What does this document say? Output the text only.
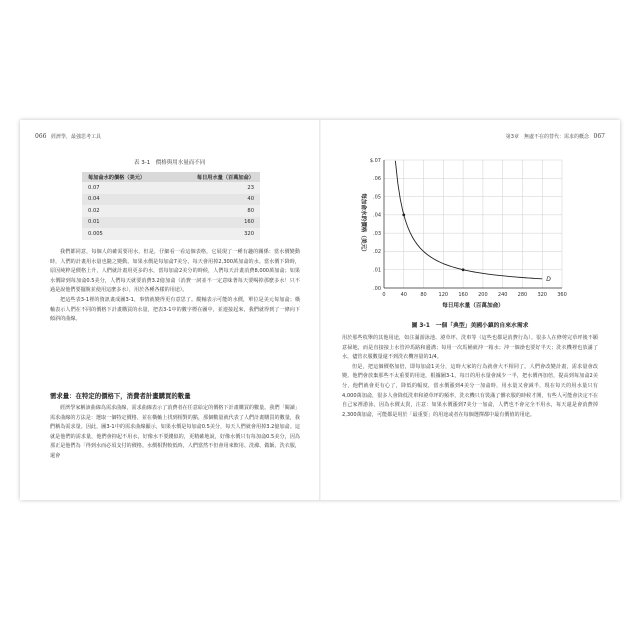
066 經濟學，最強思考工具
表 3-1　價格與用水量而不同
每加侖水的價格（美元）	每日用水量（百萬加侖）
0.07	23
0.04	40
0.02	80
0.01	160
0.005	320

我們都同意，每個人的確需要用水，但是，仔細看一看這個表格，它展現了一種有趣的關係：當水價變動時，人們的計畫用水量也隨之變動。如果水價是每加侖7美分，每天會用掉2,300萬加侖的水。當水價下降時，原因純粹是價格上升，人們就計畫用更多的水，當每加侖2美分的時候，人們每天計畫消費8,000萬加侖；如果水價降到每加侖0.5美分，人們每天就要消費3.2億加侖（消費一詞並不一定意味著每天要喝掉那麼多水！只不過是說他們要擺脫並使用這麼多水），用於各種各樣的用途）。

把這些表3-1裡的資訊畫成圖3-1，事情就變得更有意思了。縱軸表示可能的水價，單位是美元每加侖；橫軸表示人們在不同的價格下計畫購買的水量，把表3-1中的數字標在圖中，並連接起來，我們就得到了一條向下傾斜的曲線。

需求量：在特定的價格下，消費者計畫購買的數量

經濟學家稱該曲線為需求曲線，需求曲線表示了消費者在任意給定的價格下計畫購買的數量。我們「閱讀」需求曲線的方法是：選取一個特定價格，並在橫軸上找到相對的點，那個數量就代表了人們計畫購買的數量，我們稱為需求量。因此，圖3-1中的需求曲線顯示，如果水價是每加侖0.5美分，每天人們就會用掉3.2億加侖。這就是他們的需求量，他們會抑起不用水，好像水不要錢似的，更精確地說，好像水價只有每加侖0.5美分，因為那正是他們為「得到水而必須支付的價格。水價相對較低時，人們當然不但會用來飲用、洗滌、做飯、洗衣服，還會

第3章　無處不在的替代：需求的概念 067
$.07
.06
.05
.04
.03
.02
.01
.00
0	40	80 120 160 200 240 280 320 360
每日用水量（百萬加侖）
每加侖水的價格（美元）
D
圖 3-1　一個「典型」美國小鎮的自來水需求

用於那些枚舉的其他用途，如注滿游泳池、澆草坪、洗車等（這些也都是消費行為）。很多人在修剪完草坪後不願意掃地，而是直接接上水管沖馬路和邊溝；每用一次馬桶就沖一箱水；沖一個澡也要好半天；洗衣機裡也放滿了水，儘管衣服數量還不到洗衣機容量的1/4。

但是，把這個價格加倍，即每加侖1美分，這時大家的行為就會大不相同了。人們會改變計畫，需求量會改變。他們會放棄那些不太重要的用途，根據圖3-1，每日的用水量會減少一半，把水價再加倍，提高到每加侖2美分，他們就會更有心了，降低的幅度，當水價漲到4美分一加侖時，用水量又會減半，現在每天的用水量只有4,000萬加侖，很多人會降低洗車和澆草坪的頻率，洗衣機只有裝滿了髒衣服的時候才開，有些人可能會決定不在自己家裡游泳，因為水價太貴，注意：如果水價漲到7美分一加侖，人們也不會完全不用水，每天還是會消費掉2,300萬加侖，可能都是用於「最重要」的用途或者在每個選擇都中最有價值的用途。
